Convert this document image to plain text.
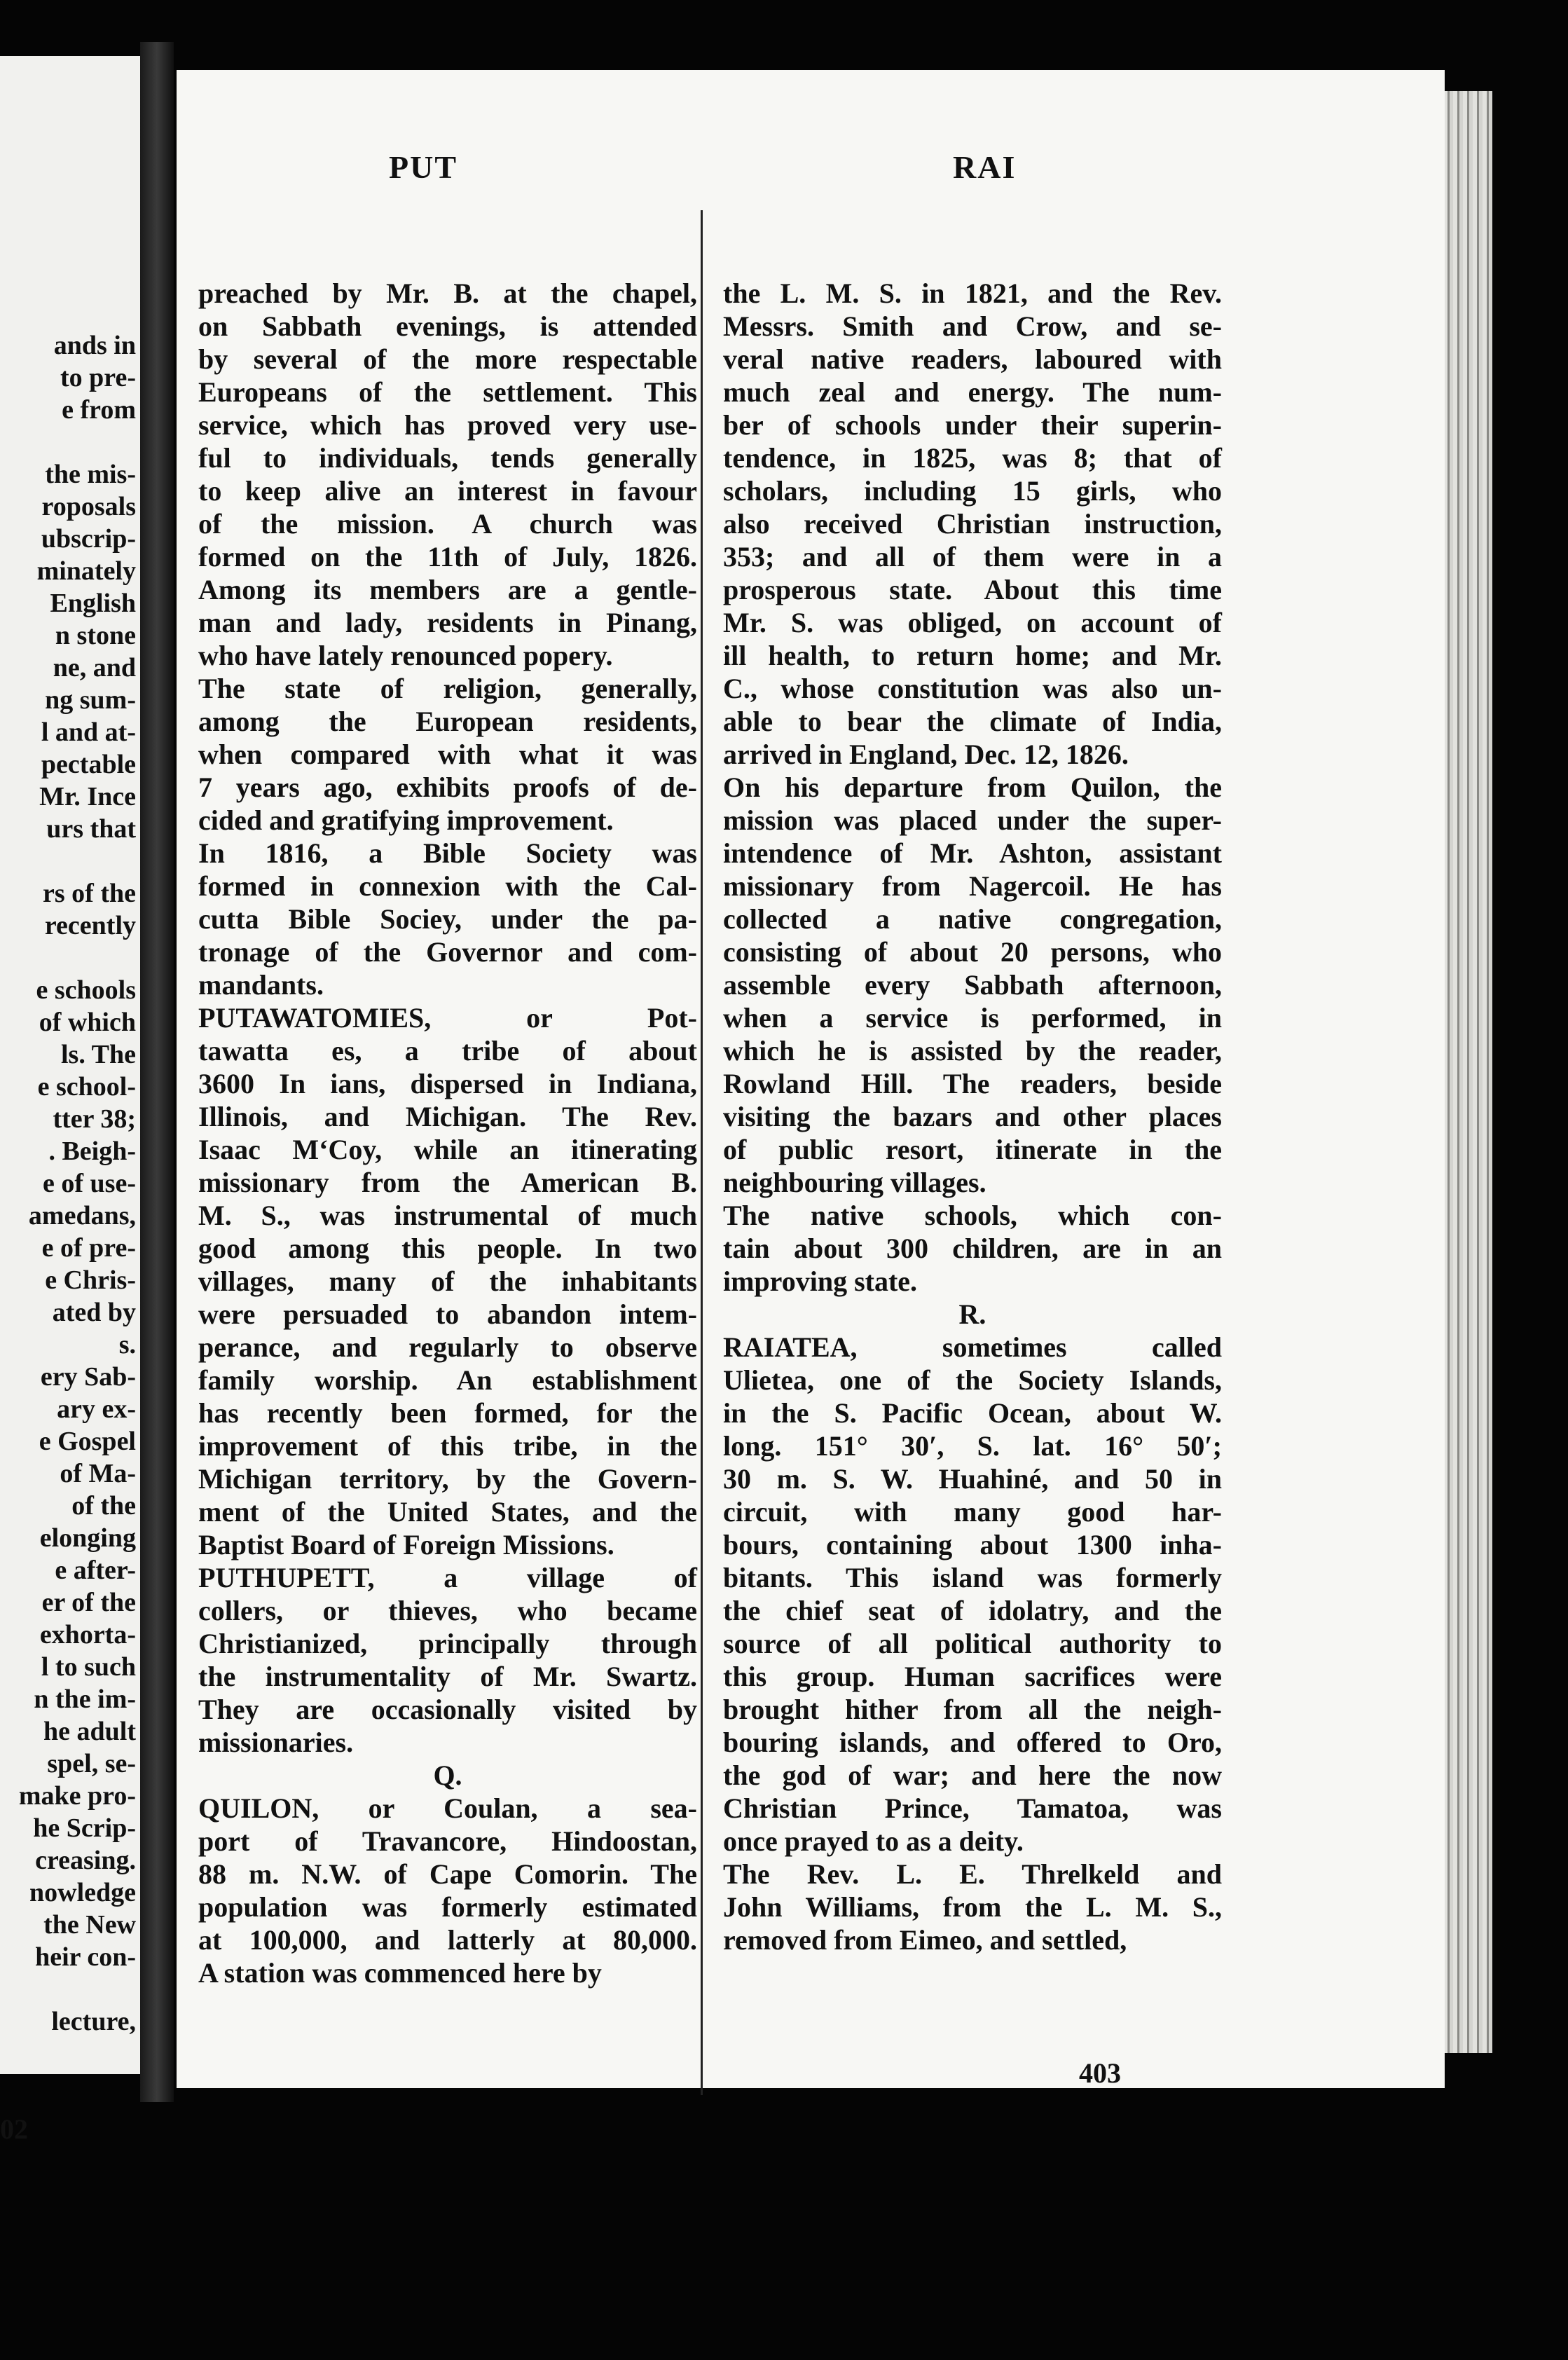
ands in
to pre-
e from
the mis-
roposals
ubscrip-
minately
English
n stone
ne, and
ng sum-
l and at-
pectable
Mr. Ince
urs that
rs of the
recently
e schools
of which
ls. The
e school-
tter 38;
. Beigh-
e of use-
amedans,
e of pre-
e Chris-
ated by
s.
ery Sab-
ary ex-
e Gospel
of Ma-
of the
elonging
e after-
er of the
exhorta-
l to such
n the im-
he adult
spel, se-
make pro-
he Scrip-
creasing.
nowledge
the New
heir con-
lecture,
02
PUT	RAI
preached by Mr. B. at the chapel,
on Sabbath evenings, is attended
by several of the more respectable
Europeans of the settlement. This
service, which has proved very use-
ful to individuals, tends generally
to keep alive an interest in favour
of the mission. A church was
formed on the 11th of July, 1826.
Among its members are a gentle-
man and lady, residents in Pinang,
who have lately renounced popery.
The state of religion, generally,
among the European residents,
when compared with what it was
7 years ago, exhibits proofs of de-
cided and gratifying improvement.
In 1816, a Bible Society was
formed in connexion with the Cal-
cutta Bible Sociey, under the pa-
tronage of the Governor and com-
mandants.
PUTAWATOMIES, or Pot-
tawatta es, a tribe of about
3600 In ians, dispersed in Indiana,
Illinois, and Michigan. The Rev.
Isaac M‘Coy, while an itinerating
missionary from the American B.
M. S., was instrumental of much
good among this people. In two
villages, many of the inhabitants
were persuaded to abandon intem-
perance, and regularly to observe
family worship. An establishment
has recently been formed, for the
improvement of this tribe, in the
Michigan territory, by the Govern-
ment of the United States, and the
Baptist Board of Foreign Missions.
PUTHUPETT, a village of
collers, or thieves, who became
Christianized, principally through
the instrumentality of Mr. Swartz.
They are occasionally visited by
missionaries.
Q.
QUILON, or Coulan, a sea-
port of Travancore, Hindoostan,
88 m. N.W. of Cape Comorin. The
population was formerly estimated
at 100,000, and latterly at 80,000.
A station was commenced here by
the L. M. S. in 1821, and the Rev.
Messrs. Smith and Crow, and se-
veral native readers, laboured with
much zeal and energy. The num-
ber of schools under their superin-
tendence, in 1825, was 8; that of
scholars, including 15 girls, who
also received Christian instruction,
353; and all of them were in a
prosperous state. About this time
Mr. S. was obliged, on account of
ill health, to return home; and Mr.
C., whose constitution was also un-
able to bear the climate of India,
arrived in England, Dec. 12, 1826.
On his departure from Quilon, the
mission was placed under the super-
intendence of Mr. Ashton, assistant
missionary from Nagercoil. He has
collected a native congregation,
consisting of about 20 persons, who
assemble every Sabbath afternoon,
when a service is performed, in
which he is assisted by the reader,
Rowland Hill. The readers, beside
visiting the bazars and other places
of public resort, itinerate in the
neighbouring villages.
The native schools, which con-
tain about 300 children, are in an
improving state.
R.
RAIATEA, sometimes called
Ulietea, one of the Society Islands,
in the S. Pacific Ocean, about W.
long. 151° 30′, S. lat. 16° 50′;
30 m. S. W. Huahiné, and 50 in
circuit, with many good har-
bours, containing about 1300 inha-
bitants. This island was formerly
the chief seat of idolatry, and the
source of all political authority to
this group. Human sacrifices were
brought hither from all the neigh-
bouring islands, and offered to Oro,
the god of war; and here the now
Christian Prince, Tamatoa, was
once prayed to as a deity.
The Rev. L. E. Threlkeld and
John Williams, from the L. M. S.,
removed from Eimeo, and settled,
403
